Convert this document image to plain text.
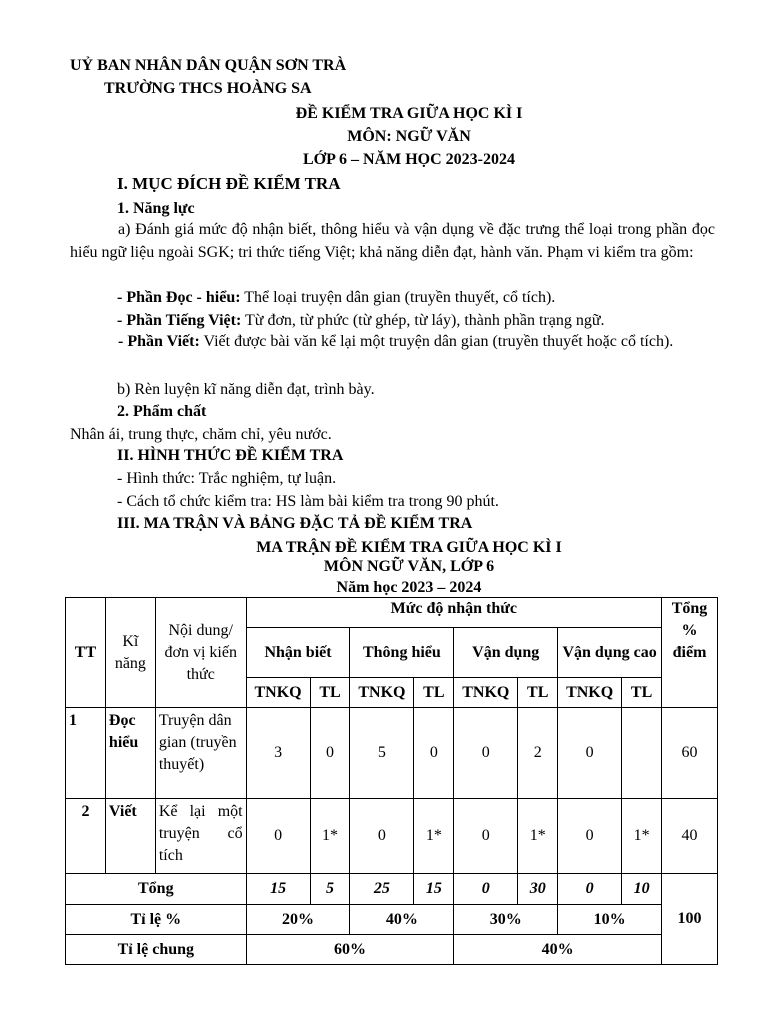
UỶ BAN NHÂN DÂN QUẬN SƠN TRÀ
TRƯỜNG THCS HOÀNG SA
ĐỀ KIỂM TRA GIỮA HỌC KÌ I
MÔN: NGỮ VĂN
LỚP 6 – NĂM HỌC 2023-2024
I. MỤC ĐÍCH ĐỀ KIỂM TRA
1. Năng lực
a) Đánh giá mức độ nhận biết, thông hiểu và vận dụng về đặc trưng thể loại trong phần đọc hiểu ngữ liệu ngoài SGK; tri thức tiếng Việt; khả năng diễn đạt, hành văn. Phạm vi kiểm tra gồm:
- Phần Đọc - hiểu: Thể loại truyện dân gian (truyền thuyết, cổ tích).
- Phần Tiếng Việt: Từ đơn, từ phức (từ ghép, từ láy), thành phần trạng ngữ.
- Phần Viết: Viết được bài văn kể lại một truyện dân gian (truyền thuyết hoặc cổ tích).
b) Rèn luyện kĩ năng diễn đạt, trình bày.
2. Phẩm chất
Nhân ái, trung thực, chăm chỉ, yêu nước.
II. HÌNH THỨC ĐỀ KIỂM TRA
- Hình thức: Trắc nghiệm, tự luận.
- Cách tổ chức kiểm tra: HS làm bài kiểm tra trong 90 phút.
III. MA TRẬN VÀ BẢNG ĐẶC TẢ ĐỀ KIỂM TRA
MA TRẬN ĐỀ KIỂM TRA GIỮA HỌC KÌ I
MÔN NGỮ VĂN, LỚP 6
Năm học 2023 – 2024
TT	Kĩ năng	Nội dung/đơn vị kiến thức	Mức độ nhận thức								Tổng % điểm
			Nhận biết		Thông hiểu		Vận dụng		Vận dụng cao		
			TNKQ	TL	TNKQ	TL	TNKQ	TL	TNKQ	TL	
1	Đọc hiểu	Truyện dân gian (truyền thuyết)	3	0	5	0	0	2	0		60
2	Viết	Kể lại một truyện cổ tích	0	1*	0	1*	0	1*	0	1*	40
Tổng			15	5	25	15	0	30	0	10	100
Tỉ lệ %			20%		40%		30%		10%		
Tỉ lệ chung			60%				40%				
